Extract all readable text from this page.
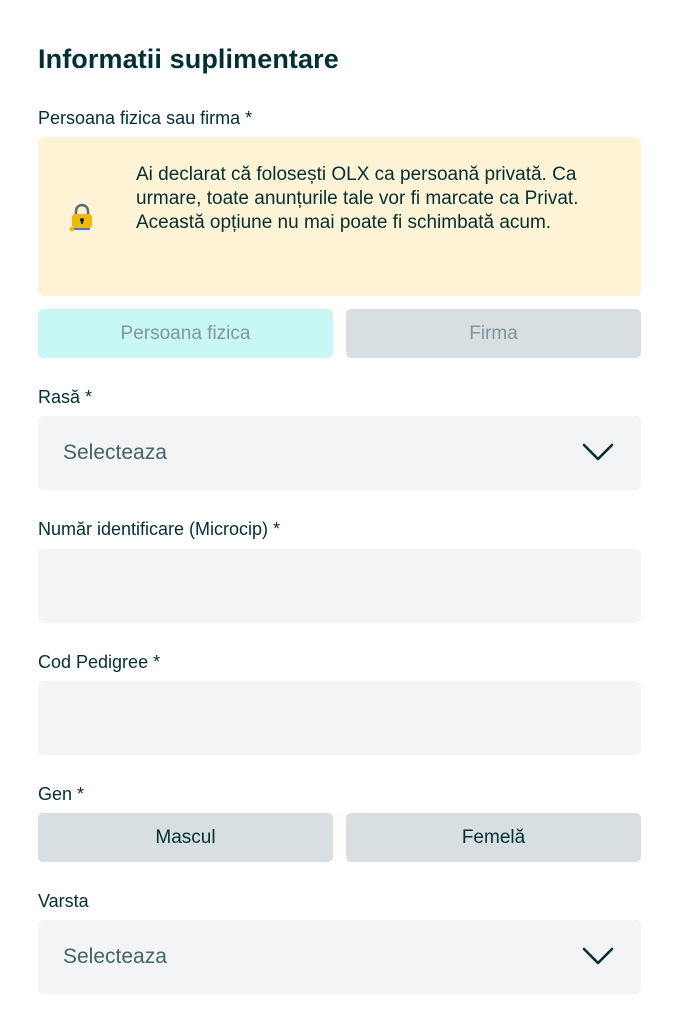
Informatii suplimentare
Persoana fizica sau firma *
Ai declarat că folosești OLX ca persoană privată. Ca urmare, toate anunțurile tale vor fi marcate ca Privat. Această opțiune nu mai poate fi schimbată acum.
Persoana fizica	Firma
Rasă *
Selecteaza
Număr identificare (Microcip) *
Cod Pedigree *
Gen *
Mascul	Femelă
Varsta
Selecteaza
